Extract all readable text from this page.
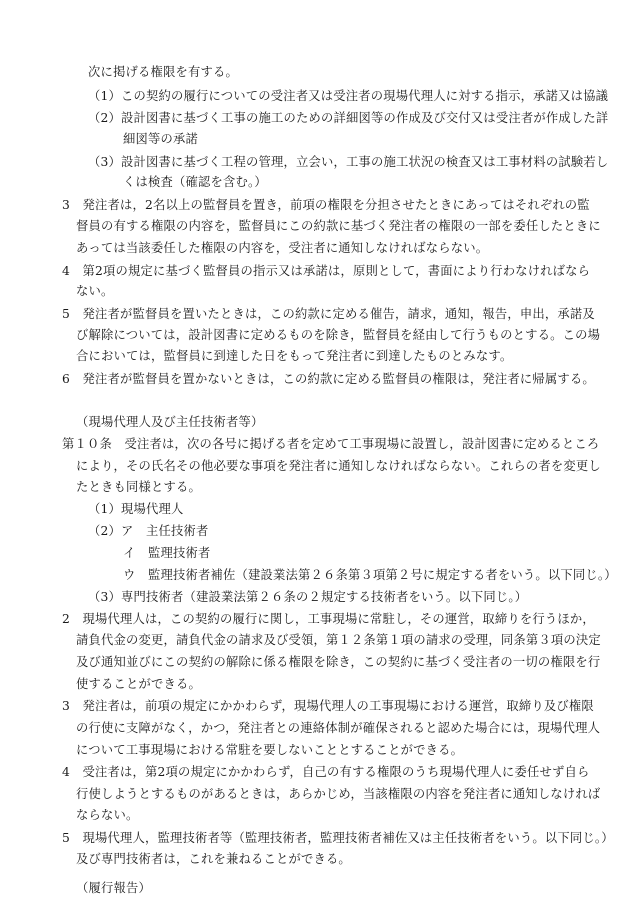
次に掲げる権限を有する。
（1）この契約の履行についての受注者又は受注者の現場代理人に対する指示，承諾又は協議
（2）設計図書に基づく工事の施工のための詳細図等の作成及び交付又は受注者が作成した詳
細図等の承諾
（3）設計図書に基づく工程の管理，立会い，工事の施工状況の検査又は工事材料の試験若し
くは検査（確認を含む。）
3　発注者は，2名以上の監督員を置き，前項の権限を分担させたときにあってはそれぞれの監
督員の有する権限の内容を，監督員にこの約款に基づく発注者の権限の一部を委任したときに
あっては当該委任した権限の内容を，受注者に通知しなければならない。
4　第2項の規定に基づく監督員の指示又は承諾は，原則として，書面により行わなければなら
ない。
5　発注者が監督員を置いたときは，この約款に定める催告，請求，通知，報告，申出，承諾及
び解除については，設計図書に定めるものを除き，監督員を経由して行うものとする。この場
合においては，監督員に到達した日をもって発注者に到達したものとみなす。
6　発注者が監督員を置かないときは，この約款に定める監督員の権限は，発注者に帰属する。
（現場代理人及び主任技術者等）
第１０条　受注者は，次の各号に掲げる者を定めて工事現場に設置し，設計図書に定めるところ
により，その氏名その他必要な事項を発注者に通知しなければならない。これらの者を変更し
たときも同様とする。
（1）現場代理人
（2）ア　主任技術者
イ　監理技術者
ウ　監理技術者補佐（建設業法第２６条第３項第２号に規定する者をいう。以下同じ。）
（3）専門技術者（建設業法第２６条の２規定する技術者をいう。以下同じ。）
2　現場代理人は，この契約の履行に関し，工事現場に常駐し，その運営，取締りを行うほか，
請負代金の変更，請負代金の請求及び受領，第１２条第１項の請求の受理，同条第３項の決定
及び通知並びにこの契約の解除に係る権限を除き，この契約に基づく受注者の一切の権限を行
使することができる。
3　発注者は，前項の規定にかかわらず，現場代理人の工事現場における運営，取締り及び権限
の行使に支障がなく，かつ，発注者との連絡体制が確保されると認めた場合には，現場代理人
について工事現場における常駐を要しないこととすることができる。
4　受注者は，第2項の規定にかかわらず，自己の有する権限のうち現場代理人に委任せず自ら
行使しようとするものがあるときは，あらかじめ，当該権限の内容を発注者に通知しなければ
ならない。
5　現場代理人，監理技術者等（監理技術者，監理技術者補佐又は主任技術者をいう。以下同じ。）
及び専門技術者は，これを兼ねることができる。
（履行報告）
